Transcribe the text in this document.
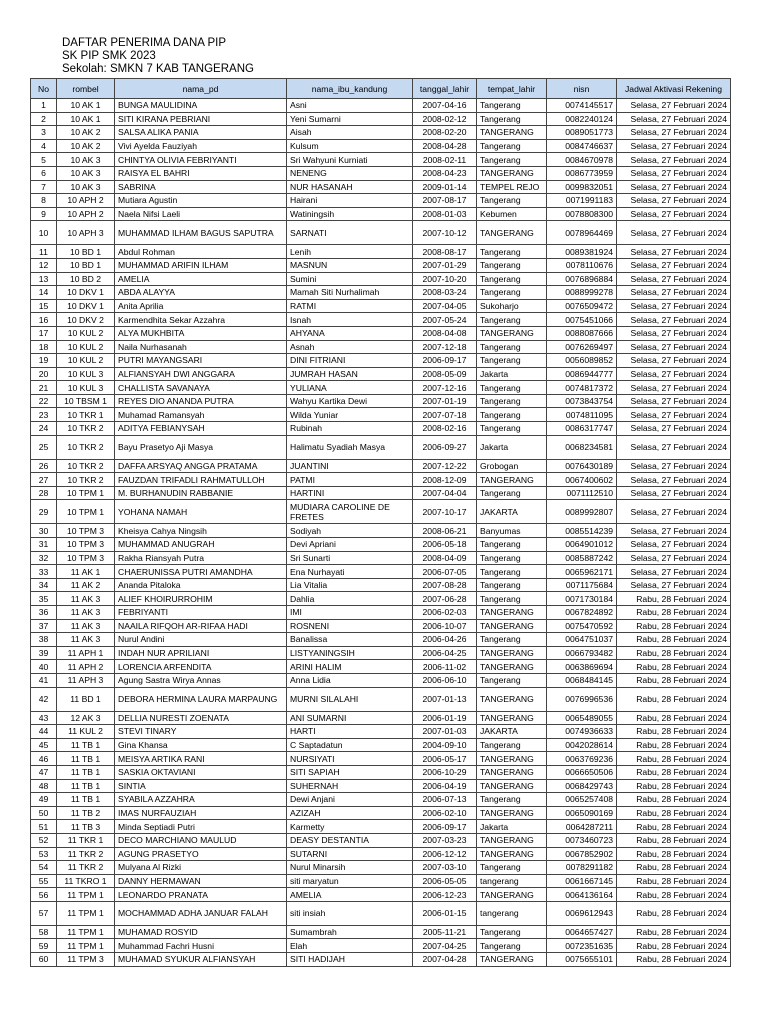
DAFTAR PENERIMA DANA PIP
SK PIP SMK 2023
Sekolah: SMKN 7 KAB TANGERANG
No	rombel	nama_pd	nama_ibu_kandung	tanggal_lahir	tempat_lahir	nisn	Jadwal Aktivasi Rekening
1	10 AK 1	BUNGA MAULIDINA	Asni	2007-04-16	Tangerang	0074145517	Selasa, 27 Februari 2024
2	10 AK 1	SITI KIRANA PEBRIANI	Yeni Sumarni	2008-02-12	Tangerang	0082240124	Selasa, 27 Februari 2024
3	10 AK 2	SALSA ALIKA PANIA	Aisah	2008-02-20	TANGERANG	0089051773	Selasa, 27 Februari 2024
4	10 AK 2	Vivi Ayelda Fauziyah	Kulsum	2008-04-28	Tangerang	0084746637	Selasa, 27 Februari 2024
5	10 AK 3	CHINTYA OLIVIA FEBRIYANTI	Sri Wahyuni Kurniati	2008-02-11	Tangerang	0084670978	Selasa, 27 Februari 2024
6	10 AK 3	RAISYA EL BAHRI	NENENG	2008-04-23	TANGERANG	0086773959	Selasa, 27 Februari 2024
7	10 AK 3	SABRINA	NUR HASANAH	2009-01-14	TEMPEL REJO	0099832051	Selasa, 27 Februari 2024
8	10 APH 2	Mutiara Agustin	Hairani	2007-08-17	Tangerang	0071991183	Selasa, 27 Februari 2024
9	10 APH 2	Naela Nifsi Laeli	Watiningsih	2008-01-03	Kebumen	0078808300	Selasa, 27 Februari 2024
10	10 APH 3	MUHAMMAD ILHAM BAGUS SAPUTRA	SARNATI	2007-10-12	TANGERANG	0078964469	Selasa, 27 Februari 2024
11	10 BD 1	Abdul Rohman	Lenih	2008-08-17	Tangerang	0089381924	Selasa, 27 Februari 2024
12	10 BD 1	MUHAMMAD ARIFIN ILHAM	MASNUN	2007-01-29	Tangerang	0078110676	Selasa, 27 Februari 2024
13	10 BD 2	AMELIA	Sumini	2007-10-20	Tangerang	0076896884	Selasa, 27 Februari 2024
14	10 DKV 1	ABDA ALAYYA	Mamah Siti Nurhalimah	2008-03-24	Tangerang	0088999278	Selasa, 27 Februari 2024
15	10 DKV 1	Anita Aprilia	RATMI	2007-04-05	Sukoharjo	0076509472	Selasa, 27 Februari 2024
16	10 DKV 2	Karmendhita Sekar Azzahra	Isnah	2007-05-24	Tangerang	0075451066	Selasa, 27 Februari 2024
17	10 KUL 2	ALYA MUKHBITA	AHYANA	2008-04-08	TANGERANG	0088087666	Selasa, 27 Februari 2024
18	10 KUL 2	Naila Nurhasanah	Asnah	2007-12-18	Tangerang	0076269497	Selasa, 27 Februari 2024
19	10 KUL 2	PUTRI MAYANGSARI	DINI FITRIANI	2006-09-17	Tangerang	0056089852	Selasa, 27 Februari 2024
20	10 KUL 3	ALFIANSYAH DWI ANGGARA	JUMRAH HASAN	2008-05-09	Jakarta	0086944777	Selasa, 27 Februari 2024
21	10 KUL 3	CHALLISTA SAVANAYA	YULIANA	2007-12-16	Tangerang	0074817372	Selasa, 27 Februari 2024
22	10 TBSM 1	REYES DIO ANANDA PUTRA	Wahyu Kartika Dewi	2007-01-19	Tangerang	0073843754	Selasa, 27 Februari 2024
23	10 TKR 1	Muhamad Ramansyah	Wilda Yuniar	2007-07-18	Tangerang	0074811095	Selasa, 27 Februari 2024
24	10 TKR 2	ADITYA FEBIANYSAH	Rubinah	2008-02-16	Tangerang	0086317747	Selasa, 27 Februari 2024
25	10 TKR 2	Bayu Prasetyo Aji Masya	Halimatu Syadiah Masya	2006-09-27	Jakarta	0068234581	Selasa, 27 Februari 2024
26	10 TKR 2	DAFFA ARSYAQ ANGGA PRATAMA	JUANTINI	2007-12-22	Grobogan	0076430189	Selasa, 27 Februari 2024
27	10 TKR 2	FAUZDAN TRIFADLI RAHMATULLOH	PATMI	2008-12-09	TANGERANG	0067400602	Selasa, 27 Februari 2024
28	10 TPM 1	M. BURHANUDIN RABBANIE	HARTINI	2007-04-04	Tangerang	0071112510	Selasa, 27 Februari 2024
29	10 TPM 1	YOHANA NAMAH	MUDIARA CAROLINE DE FRETES	2007-10-17	JAKARTA	0089992807	Selasa, 27 Februari 2024
30	10 TPM 3	Kheisya Cahya Ningsih	Sodiyah	2008-06-21	Banyumas	0085514239	Selasa, 27 Februari 2024
31	10 TPM 3	MUHAMMAD ANUGRAH	Devi Apriani	2006-05-18	Tangerang	0064901012	Selasa, 27 Februari 2024
32	10 TPM 3	Rakha Riansyah Putra	Sri Sunarti	2008-04-09	Tangerang	0085887242	Selasa, 27 Februari 2024
33	11 AK 1	CHAERUNISSA PUTRI AMANDHA	Ena Nurhayati	2006-07-05	Tangerang	0065962171	Selasa, 27 Februari 2024
34	11 AK 2	Ananda Pitaloka	Lia Vitalia	2007-08-28	Tangerang	0071175684	Selasa, 27 Februari 2024
35	11 AK 3	ALIEF KHOIRURROHIM	Dahlia	2007-06-28	Tangerang	0071730184	Rabu, 28 Februari 2024
36	11 AK 3	FEBRIYANTI	IMI	2006-02-03	TANGERANG	0067824892	Rabu, 28 Februari 2024
37	11 AK 3	NAAILA RIFQOH AR-RIFAA HADI	ROSNENI	2006-10-07	TANGERANG	0075470592	Rabu, 28 Februari 2024
38	11 AK 3	Nurul Andini	Banalissa	2006-04-26	Tangerang	0064751037	Rabu, 28 Februari 2024
39	11 APH 1	INDAH NUR APRILIANI	LISTYANINGSIH	2006-04-25	TANGERANG	0066793482	Rabu, 28 Februari 2024
40	11 APH 2	LORENCIA ARFENDITA	ARINI HALIM	2006-11-02	TANGERANG	0063869694	Rabu, 28 Februari 2024
41	11 APH 3	Agung Sastra Wirya Annas	Anna Lidia	2006-06-10	Tangerang	0068484145	Rabu, 28 Februari 2024
42	11 BD 1	DEBORA HERMINA LAURA MARPAUNG	MURNI SILALAHI	2007-01-13	TANGERANG	0076996536	Rabu, 28 Februari 2024
43	12 AK 3	DELLIA NURESTI ZOENATA	ANI SUMARNI	2006-01-19	TANGERANG	0065489055	Rabu, 28 Februari 2024
44	11 KUL 2	STEVI TINARY	HARTI	2007-01-03	JAKARTA	0074936633	Rabu, 28 Februari 2024
45	11 TB 1	Gina Khansa	C Saptadatun	2004-09-10	Tangerang	0042028614	Rabu, 28 Februari 2024
46	11 TB 1	MEISYA ARTIKA RANI	NURSIYATI	2006-05-17	TANGERANG	0063769236	Rabu, 28 Februari 2024
47	11 TB 1	SASKIA OKTAVIANI	SITI SAPIAH	2006-10-29	TANGERANG	0066650506	Rabu, 28 Februari 2024
48	11 TB 1	SINTIA	SUHERNAH	2006-04-19	TANGERANG	0068429743	Rabu, 28 Februari 2024
49	11 TB 1	SYABILA AZZAHRA	Dewi Anjani	2006-07-13	Tangerang	0065257408	Rabu, 28 Februari 2024
50	11 TB 2	IMAS NURFAUZIAH	AZIZAH	2006-02-10	TANGERANG	0065090169	Rabu, 28 Februari 2024
51	11 TB 3	Minda Septiadi Putri	Karmetty	2006-09-17	Jakarta	0064287211	Rabu, 28 Februari 2024
52	11 TKR 1	DECO MARCHIANO MAULUD	DEASY DESTANTIA	2007-03-23	TANGERANG	0073460723	Rabu, 28 Februari 2024
53	11 TKR 2	AGUNG PRASETYO	SUTARNI	2006-12-12	TANGERANG	0067852902	Rabu, 28 Februari 2024
54	11 TKR 2	Mulyana Al Rizki	Nurul Minarsih	2007-03-10	Tangerang	0078291182	Rabu, 28 Februari 2024
55	11 TKRO 1	DANNY HERMAWAN	siti maryatun	2006-05-05	tangerang	0061667145	Rabu, 28 Februari 2024
56	11 TPM 1	LEONARDO PRANATA	AMELIA	2006-12-23	TANGERANG	0064136164	Rabu, 28 Februari 2024
57	11 TPM 1	MOCHAMMAD ADHA JANUAR FALAH	siti insiah	2006-01-15	tangerang	0069612943	Rabu, 28 Februari 2024
58	11 TPM 1	MUHAMAD ROSYID	Sumambrah	2005-11-21	Tangerang	0064657427	Rabu, 28 Februari 2024
59	11 TPM 1	Muhammad Fachri Husni	Elah	2007-04-25	Tangerang	0072351635	Rabu, 28 Februari 2024
60	11 TPM 3	MUHAMAD SYUKUR ALFIANSYAH	SITI HADIJAH	2007-04-28	TANGERANG	0075655101	Rabu, 28 Februari 2024
